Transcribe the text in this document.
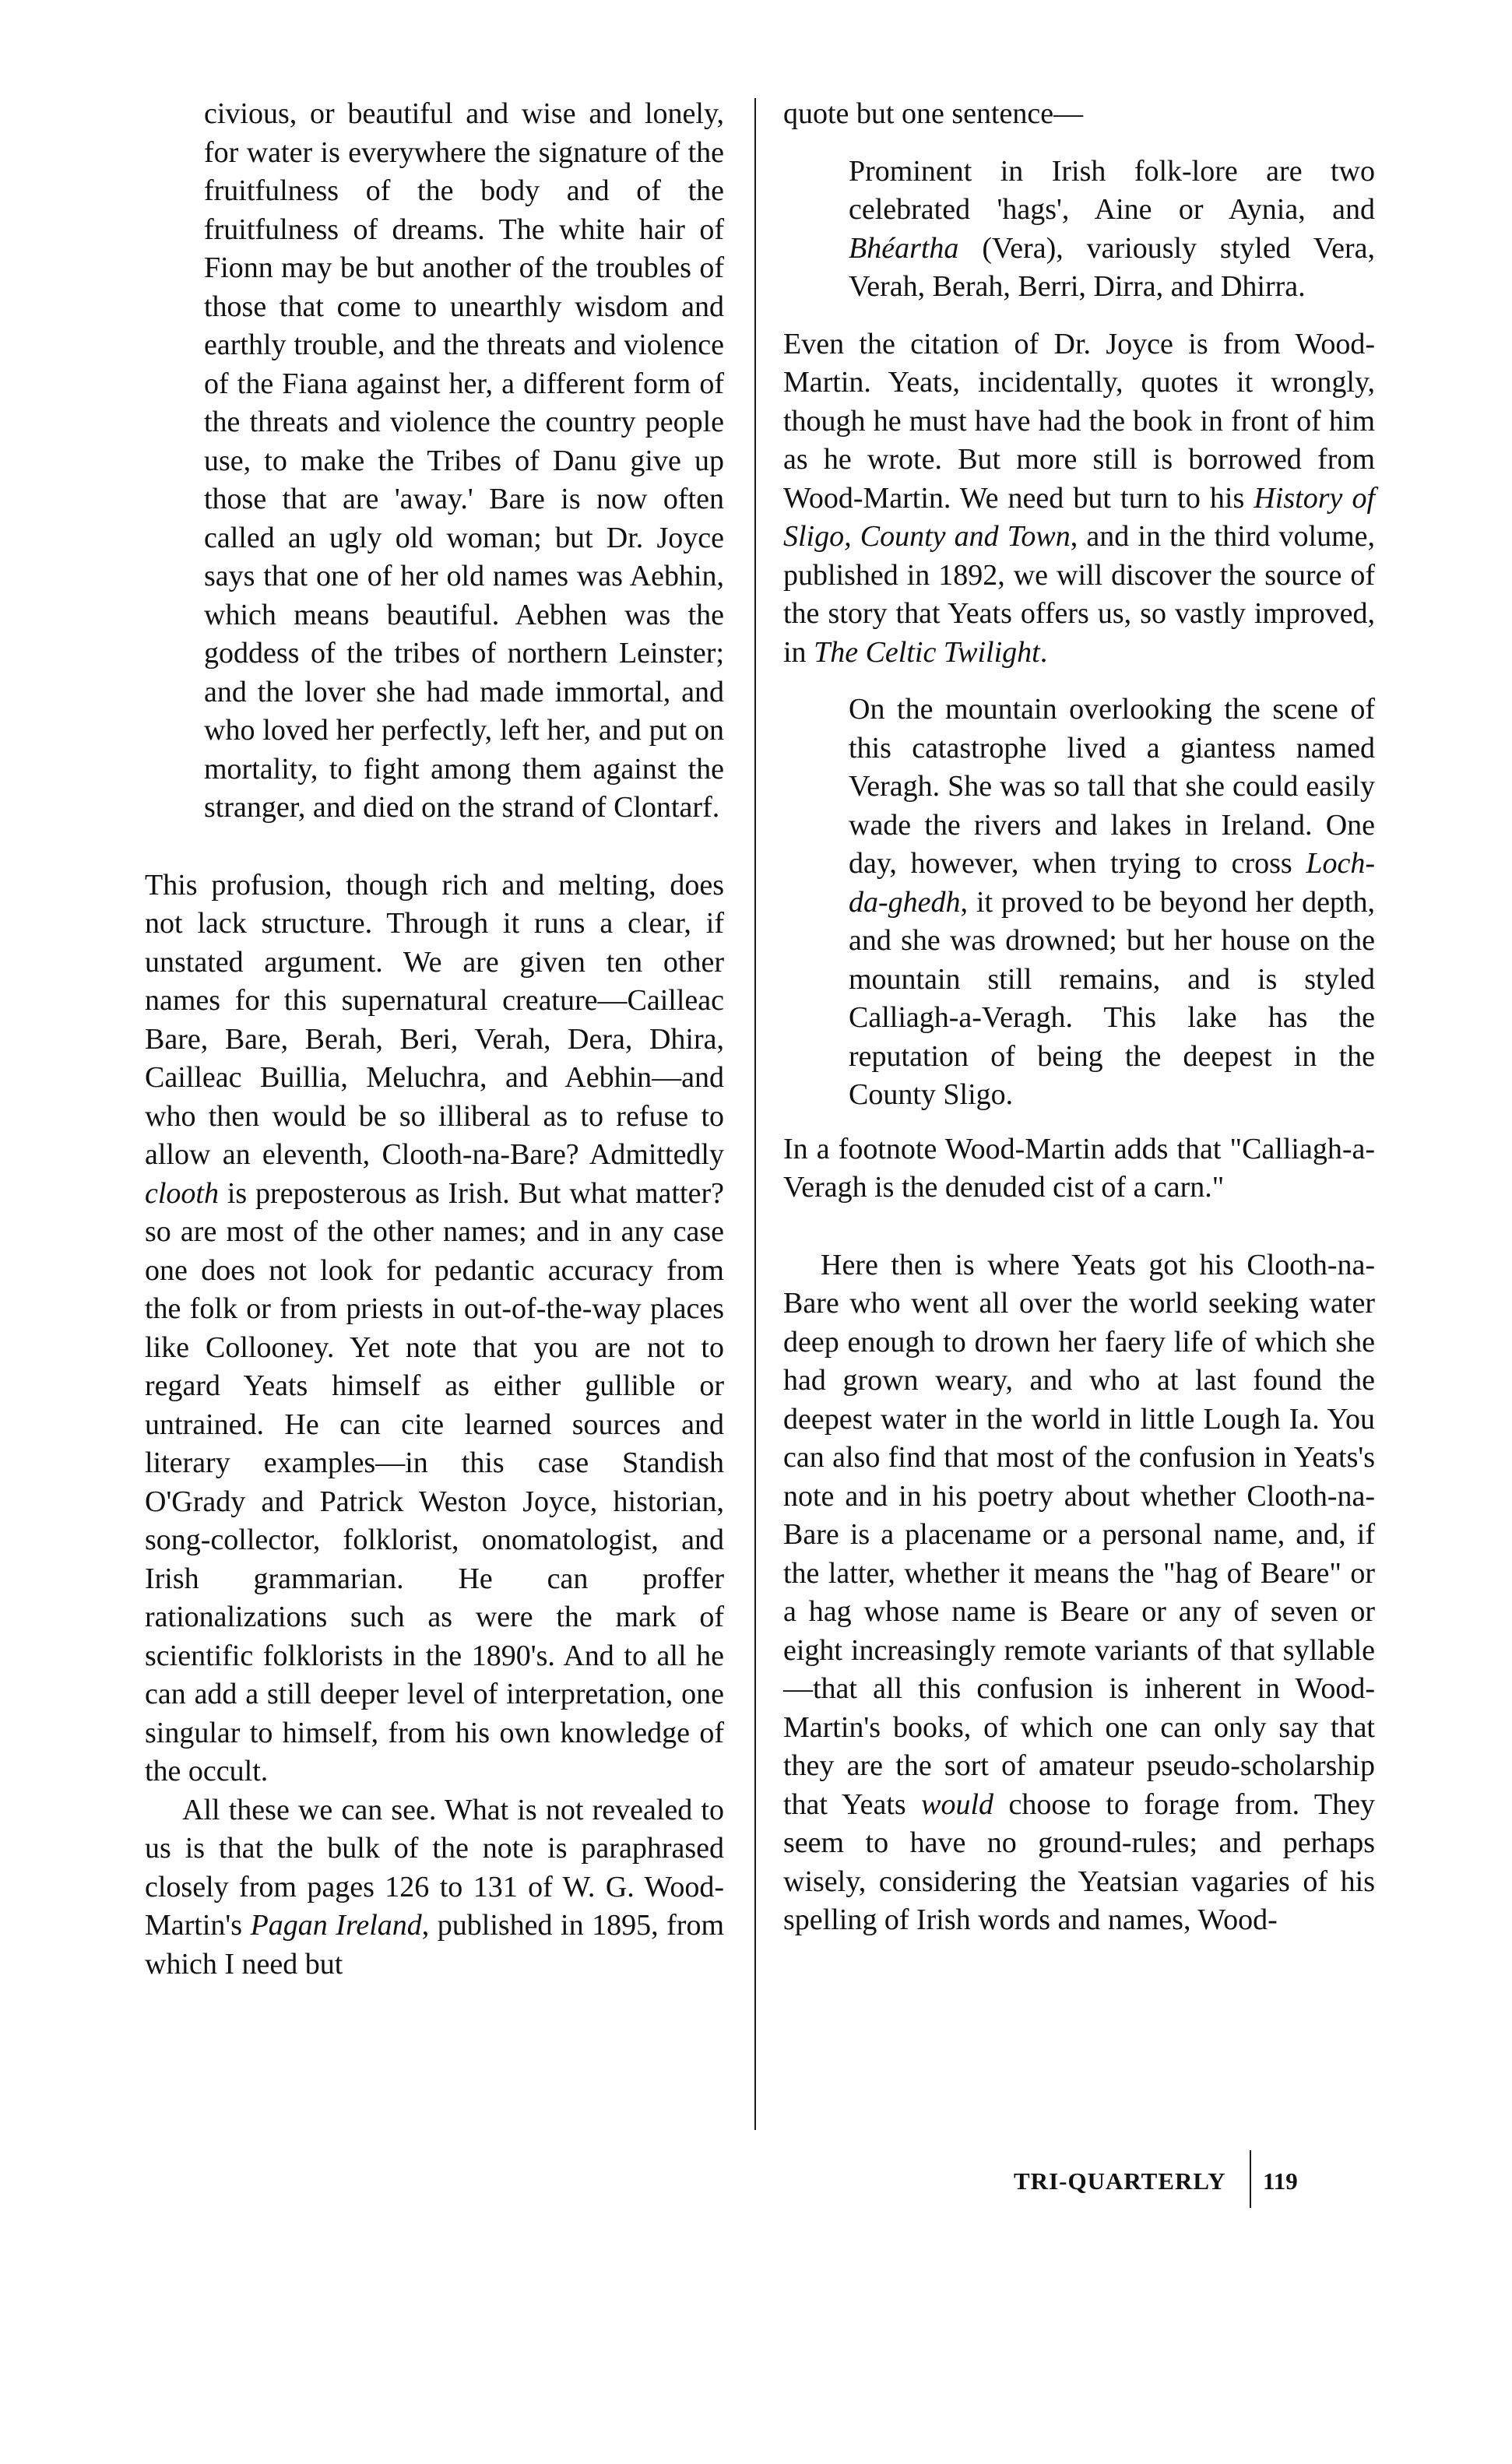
civious, or beautiful and wise and lonely, for water is everywhere the signature of the fruitfulness of the body and of the fruitfulness of dreams. The white hair of Fionn may be but another of the troubles of those that come to unearthly wisdom and earthly trouble, and the threats and violence of the Fiana against her, a different form of the threats and violence the country people use, to make the Tribes of Danu give up those that are 'away.' Bare is now often called an ugly old woman; but Dr. Joyce says that one of her old names was Aebhin, which means beautiful. Aebhen was the goddess of the tribes of northern Leinster; and the lover she had made immortal, and who loved her perfectly, left her, and put on mortality, to fight among them against the stranger, and died on the strand of Clontarf.

This profusion, though rich and melting, does not lack structure. Through it runs a clear, if unstated argument. We are given ten other names for this supernatural creature—Cailleac Bare, Bare, Berah, Beri, Verah, Dera, Dhira, Cailleac Buillia, Meluchra, and Aebhin—and who then would be so illiberal as to refuse to allow an eleventh, Clooth-na-Bare? Admittedly clooth is preposterous as Irish. But what matter? so are most of the other names; and in any case one does not look for pedantic accuracy from the folk or from priests in out-of-the-way places like Collooney. Yet note that you are not to regard Yeats himself as either gullible or untrained. He can cite learned sources and literary examples—in this case Standish O'Grady and Patrick Weston Joyce, historian, song-collector, folklorist, onomatologist, and Irish grammarian. He can proffer rationalizations such as were the mark of scientific folklorists in the 1890's. And to all he can add a still deeper level of interpretation, one singular to himself, from his own knowledge of the occult.

All these we can see. What is not revealed to us is that the bulk of the note is paraphrased closely from pages 126 to 131 of W. G. Wood-Martin's Pagan Ireland, published in 1895, from which I need but

quote but one sentence—

Prominent in Irish folk-lore are two celebrated 'hags', Aine or Aynia, and Bhéartha (Vera), variously styled Vera, Verah, Berah, Berri, Dirra, and Dhirra.

Even the citation of Dr. Joyce is from Wood-Martin. Yeats, incidentally, quotes it wrongly, though he must have had the book in front of him as he wrote. But more still is borrowed from Wood-Martin. We need but turn to his History of Sligo, County and Town, and in the third volume, published in 1892, we will discover the source of the story that Yeats offers us, so vastly improved, in The Celtic Twilight.

On the mountain overlooking the scene of this catastrophe lived a giantess named Veragh. She was so tall that she could easily wade the rivers and lakes in Ireland. One day, however, when trying to cross Loch-da-ghedh, it proved to be beyond her depth, and she was drowned; but her house on the mountain still remains, and is styled Calliagh-a-Veragh. This lake has the reputation of being the deepest in the County Sligo.

In a footnote Wood-Martin adds that "Calliagh-a-Veragh is the denuded cist of a carn."

Here then is where Yeats got his Clooth-na-Bare who went all over the world seeking water deep enough to drown her faery life of which she had grown weary, and who at last found the deepest water in the world in little Lough Ia. You can also find that most of the confusion in Yeats's note and in his poetry about whether Clooth-na-Bare is a placename or a personal name, and, if the latter, whether it means the "hag of Beare" or a hag whose name is Beare or any of seven or eight increasingly remote variants of that syllable—that all this confusion is inherent in Wood-Martin's books, of which one can only say that they are the sort of amateur pseudo-scholarship that Yeats would choose to forage from. They seem to have no ground-rules; and perhaps wisely, considering the Yeatsian vagaries of his spelling of Irish words and names, Wood-

TRI-QUARTERLY 119
